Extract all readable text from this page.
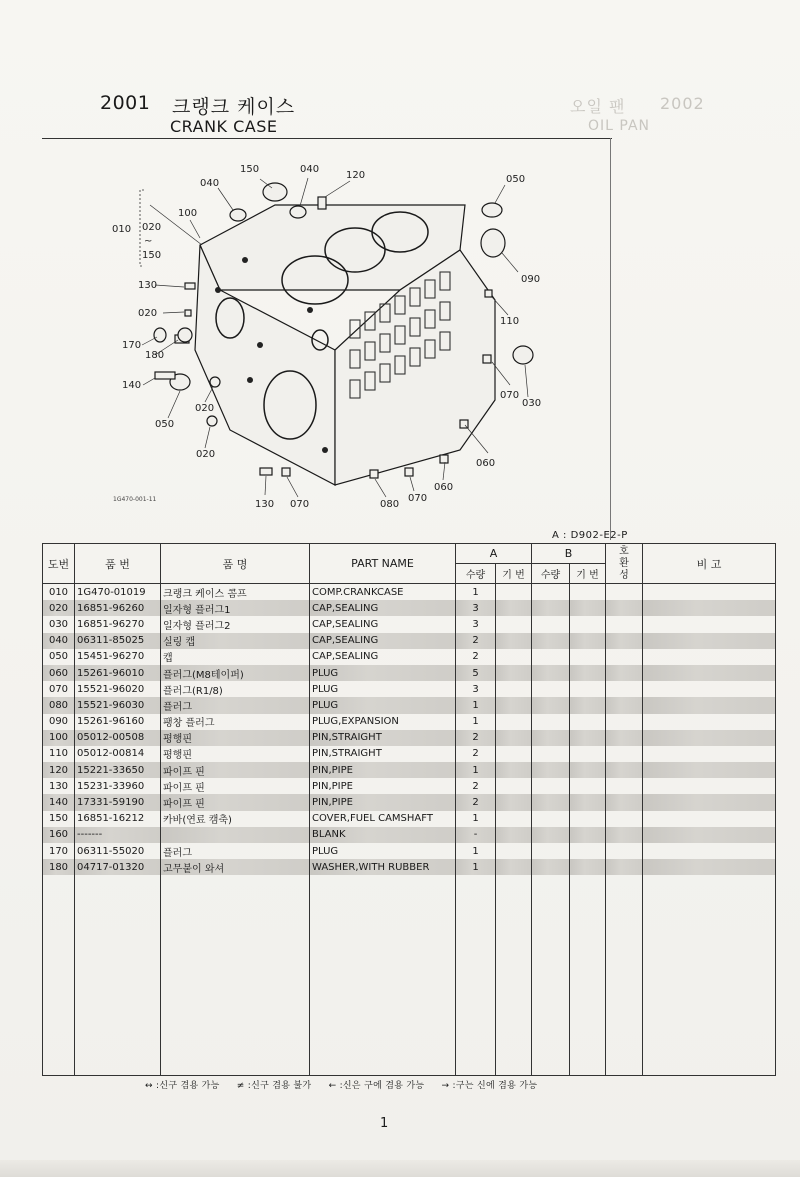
2002
오일 팬
OIL PAN
2001 크랭크 케이스
CRANK CASE
010 020
~
150
040
150	040
120	050
100
090
130
020
110
170
180
140
020
050
070
030
020
060
060
130 070	080
070
1G470-001-11
A : D902-E2-P
도번	품 번	품 명	PART NAME	A		B		호환성	비 고
				수량	기 번	수량	기 번		
010	1G470-01019	크랭크 케이스 콤프	COMP.CRANKCASE	1					
020	16851-96260	일자형 플러그1	CAP,SEALING	3					
030	16851-96270	일자형 플러그2	CAP,SEALING	3					
040	06311-85025	실링 캡	CAP,SEALING	2					
050	15451-96270	캡	CAP,SEALING	2					
060	15261-96010	플러그(M8테이퍼)	PLUG	5					
070	15521-96020	플러그(R1/8)	PLUG	3					
080	15521-96030	플러그	PLUG	1					
090	15261-96160	팽창 플러그	PLUG,EXPANSION	1					
100	05012-00508	평행핀	PIN,STRAIGHT	2					
110	05012-00814	평행핀	PIN,STRAIGHT	2					
120	15221-33650	파이프 핀	PIN,PIPE	1					
130	15231-33960	파이프 핀	PIN,PIPE	2					
140	17331-59190	파이프 핀	PIN,PIPE	2					
150	16851-16212	카바(연료 캠축)	COVER,FUEL CAMSHAFT	1					
160	-------		BLANK	-					
170	06311-55020	플러그	PLUG	1					
180	04717-01320	고무붙이 와셔	WASHER,WITH RUBBER	1					

↔ :신구 겸용 가능 ≠ :신구 겸용 불가 ← :신은 구에 겸용 가능 → :구는 신에 겸용 가능
1
